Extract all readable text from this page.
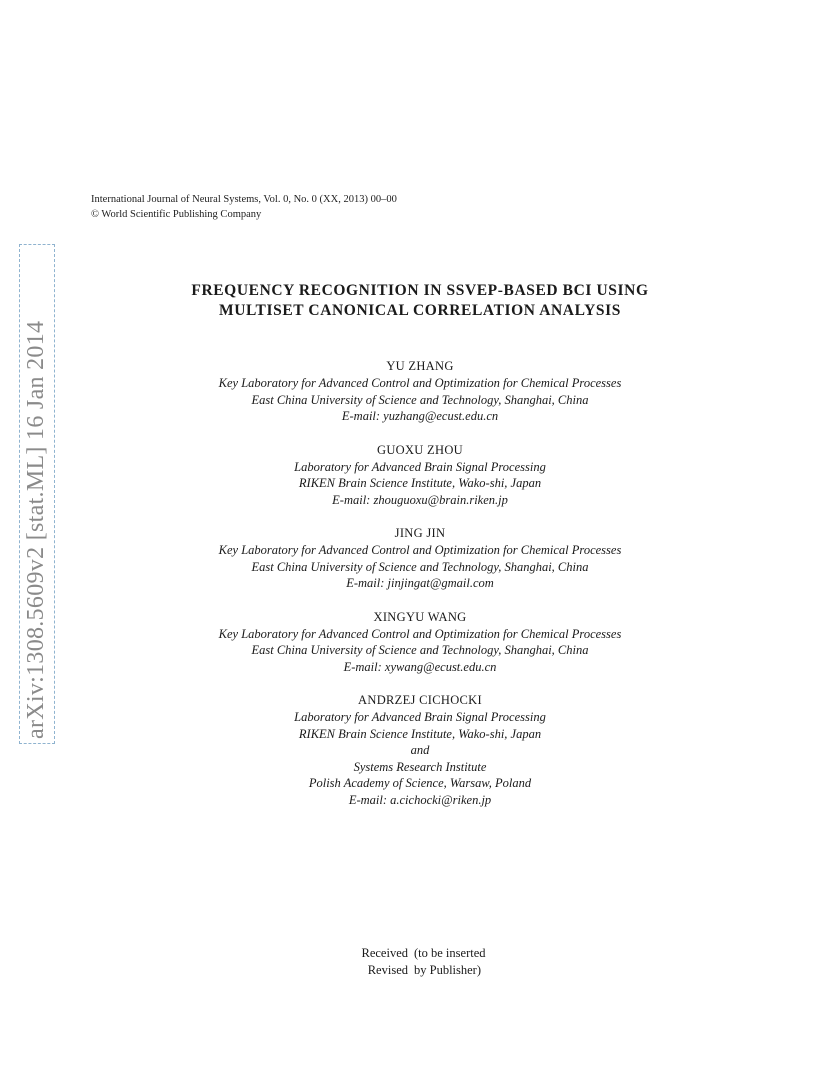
International Journal of Neural Systems, Vol. 0, No. 0 (XX, 2013) 00–00
© World Scientific Publishing Company
arXiv:1308.5609v2 [stat.ML] 16 Jan 2014
FREQUENCY RECOGNITION IN SSVEP-BASED BCI USING
MULTISET CANONICAL CORRELATION ANALYSIS
YU ZHANG
Key Laboratory for Advanced Control and Optimization for Chemical Processes
East China University of Science and Technology, Shanghai, China
E-mail: yuzhang@ecust.edu.cn
GUOXU ZHOU
Laboratory for Advanced Brain Signal Processing
RIKEN Brain Science Institute, Wako-shi, Japan
E-mail: zhouguoxu@brain.riken.jp
JING JIN
Key Laboratory for Advanced Control and Optimization for Chemical Processes
East China University of Science and Technology, Shanghai, China
E-mail: jinjingat@gmail.com
XINGYU WANG
Key Laboratory for Advanced Control and Optimization for Chemical Processes
East China University of Science and Technology, Shanghai, China
E-mail: xywang@ecust.edu.cn
ANDRZEJ CICHOCKI
Laboratory for Advanced Brain Signal Processing
RIKEN Brain Science Institute, Wako-shi, Japan
and
Systems Research Institute
Polish Academy of Science, Warsaw, Poland
E-mail: a.cichocki@riken.jp
Received (to be inserted
Revised by Publisher)
